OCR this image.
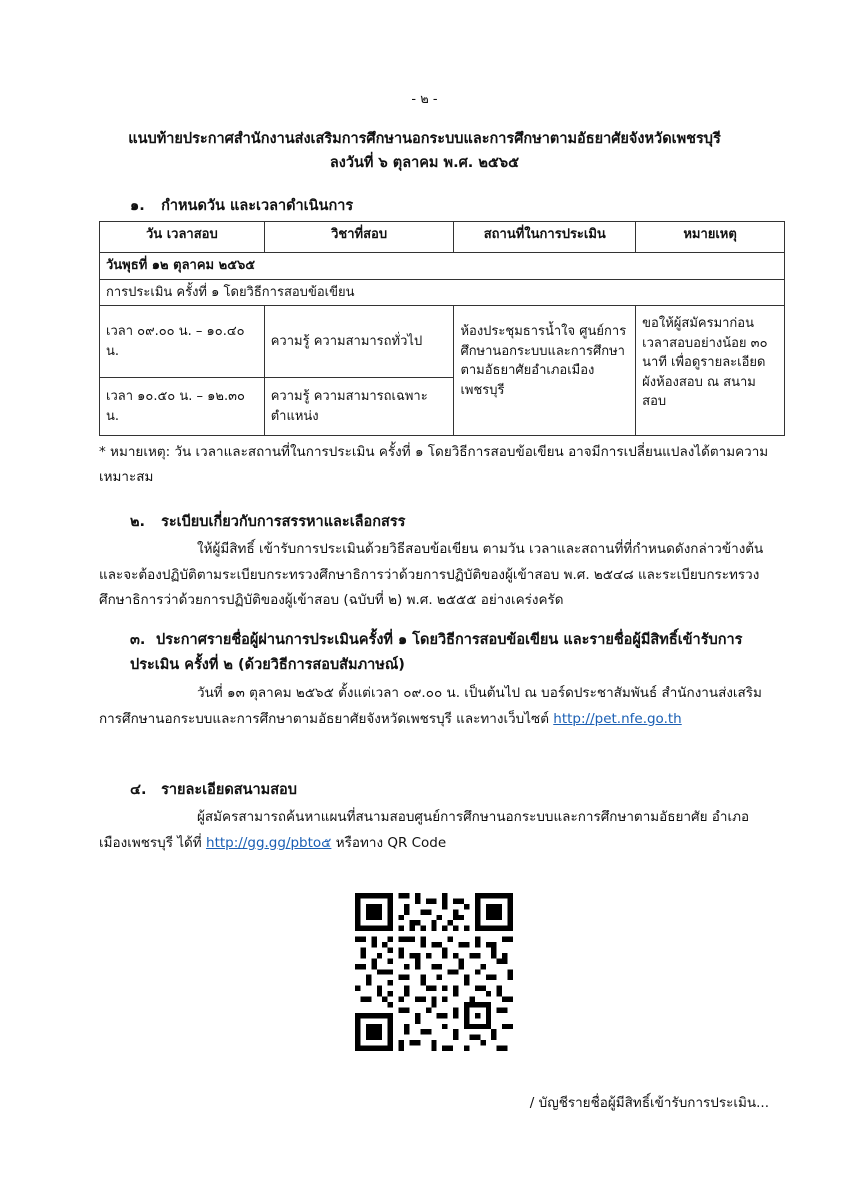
- ๒ -
แนบท้ายประกาศสำนักงานส่งเสริมการศึกษานอกระบบและการศึกษาตามอัธยาศัยจังหวัดเพชรบุรี
ลงวันที่ ๖ ตุลาคม พ.ศ. ๒๕๖๕
๑. กำหนดวัน และเวลาดำเนินการ
วัน เวลาสอบ	วิชาที่สอบ	สถานที่ในการประเมิน	หมายเหตุ
วันพุธที่ ๑๒ ตุลาคม ๒๕๖๕			
การประเมิน ครั้งที่ ๑ โดยวิธีการสอบข้อเขียน			
เวลา ๐๙.๐๐ น. – ๑๐.๔๐ น.	ความรู้ ความสามารถทั่วไป	ห้องประชุมธารน้ำใจ ศูนย์การศึกษานอกระบบและการศึกษาตามอัธยาศัยอำเภอเมืองเพชรบุรี	ขอให้ผู้สมัครมาก่อนเวลาสอบอย่างน้อย ๓๐ นาที เพื่อดูรายละเอียดผังห้องสอบ ณ สนามสอบ
เวลา ๑๐.๕๐ น. – ๑๒.๓๐ น.	ความรู้ ความสามารถเฉพาะตำแหน่ง		
* หมายเหตุ: วัน เวลาและสถานที่ในการประเมิน ครั้งที่ ๑ โดยวิธีการสอบข้อเขียน อาจมีการเปลี่ยนแปลงได้ตามความเหมาะสม
๒. ระเบียบเกี่ยวกับการสรรหาและเลือกสรร
ให้ผู้มีสิทธิ์ เข้ารับการประเมินด้วยวิธีสอบข้อเขียน ตามวัน เวลาและสถานที่ที่กำหนดดังกล่าวข้างต้นและจะต้องปฏิบัติตามระเบียบกระทรวงศึกษาธิการว่าด้วยการปฏิบัติของผู้เข้าสอบ พ.ศ. ๒๕๔๘ และระเบียบกระทรวงศึกษาธิการว่าด้วยการปฏิบัติของผู้เข้าสอบ (ฉบับที่ ๒) พ.ศ. ๒๕๕๕ อย่างเคร่งครัด
๓. ประกาศรายชื่อผู้ผ่านการประเมินครั้งที่ ๑ โดยวิธีการสอบข้อเขียน และรายชื่อผู้มีสิทธิ์เข้ารับการประเมิน ครั้งที่ ๒ (ด้วยวิธีการสอบสัมภาษณ์)
วันที่ ๑๓ ตุลาคม ๒๕๖๕ ตั้งแต่เวลา ๐๙.๐๐ น. เป็นต้นไป ณ บอร์ดประชาสัมพันธ์ สำนักงานส่งเสริมการศึกษานอกระบบและการศึกษาตามอัธยาศัยจังหวัดเพชรบุรี และทางเว็บไซต์ http://pet.nfe.go.th
๔. รายละเอียดสนามสอบ
ผู้สมัครสามารถค้นหาแผนที่สนามสอบศูนย์การศึกษานอกระบบและการศึกษาตามอัธยาศัย อำเภอเมืองเพชรบุรี ได้ที่ http://gg.gg/pbto๕ หรือทาง QR Code
/ บัญชีรายชื่อผู้มีสิทธิ์เข้ารับการประเมิน...
